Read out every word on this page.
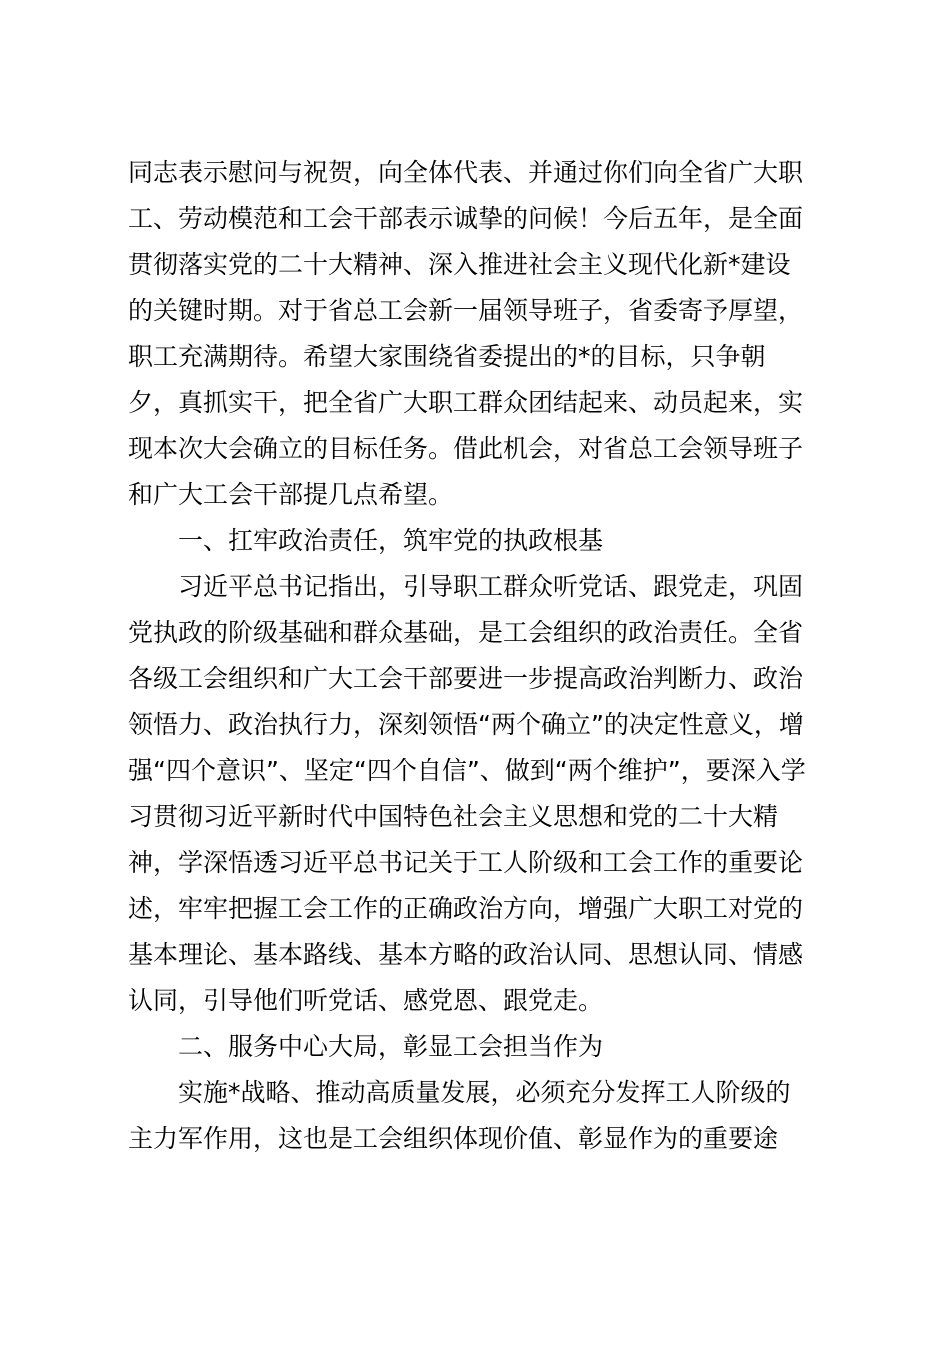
同志表示慰问与祝贺，向全体代表、并通过你们向全省广大职
工、劳动模范和工会干部表示诚挚的问候！今后五年，是全面
贯彻落实党的二十大精神、深入推进社会主义现代化新*建设
的关键时期。对于省总工会新一届领导班子，省委寄予厚望，
职工充满期待。希望大家围绕省委提出的*的目标，只争朝
夕，真抓实干，把全省广大职工群众团结起来、动员起来，实
现本次大会确立的目标任务。借此机会，对省总工会领导班子
和广大工会干部提几点希望。
一、扛牢政治责任，筑牢党的执政根基
习近平总书记指出，引导职工群众听党话、跟党走，巩固
党执政的阶级基础和群众基础，是工会组织的政治责任。全省
各级工会组织和广大工会干部要进一步提高政治判断力、政治
领悟力、政治执行力，深刻领悟“两个确立”的决定性意义，增
强“四个意识”、坚定“四个自信”、做到“两个维护”，要深入学
习贯彻习近平新时代中国特色社会主义思想和党的二十大精
神，学深悟透习近平总书记关于工人阶级和工会工作的重要论
述，牢牢把握工会工作的正确政治方向，增强广大职工对党的
基本理论、基本路线、基本方略的政治认同、思想认同、情感
认同，引导他们听党话、感党恩、跟党走。
二、服务中心大局，彰显工会担当作为
实施*战略、推动高质量发展，必须充分发挥工人阶级的
主力军作用，这也是工会组织体现价值、彰显作为的重要途
